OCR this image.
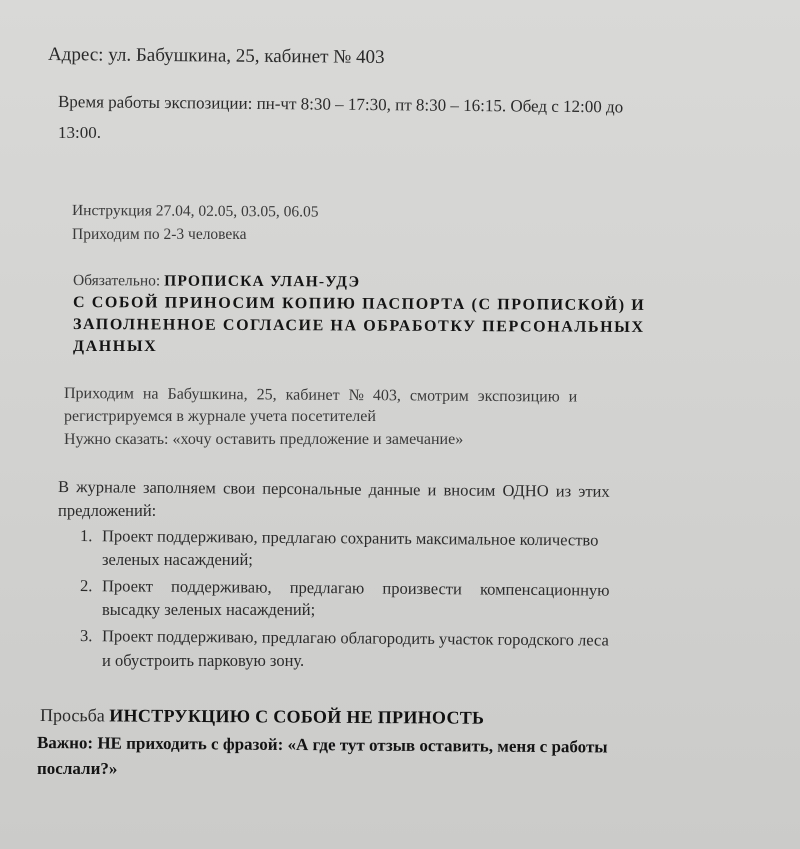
Адрес: ул. Бабушкина, 25, кабинет № 403
Время работы экспозиции: пн-чт 8:30 – 17:30, пт 8:30 – 16:15. Обед с 12:00 до
13:00.
Инструкция 27.04, 02.05, 03.05, 06.05
Приходим по 2-3 человека
Обязательно: ПРОПИСКА УЛАН-УДЭ
С СОБОЙ ПРИНОСИМ КОПИЮ ПАСПОРТА (С ПРОПИСКОЙ) И
ЗАПОЛНЕННОЕ СОГЛАСИЕ НА ОБРАБОТКУ ПЕРСОНАЛЬНЫХ
ДАННЫХ
Приходим на Бабушкина, 25, кабинет № 403, смотрим экспозицию и
регистрируемся в журнале учета посетителей
Нужно сказать: «хочу оставить предложение и замечание»
В журнале заполняем свои персональные данные и вносим ОДНО из этих
предложений:
1. Проект поддерживаю, предлагаю сохранить максимальное количество
зеленых насаждений;
2. Проект поддерживаю, предлагаю произвести компенсационную
высадку зеленых насаждений;
3. Проект поддерживаю, предлагаю облагородить участок городского леса
и обустроить парковую зону.
Просьба ИНСТРУКЦИЮ С СОБОЙ НЕ ПРИНОСТЬ
Важно: НЕ приходить с фразой: «А где тут отзыв оставить, меня с работы
послали?»
